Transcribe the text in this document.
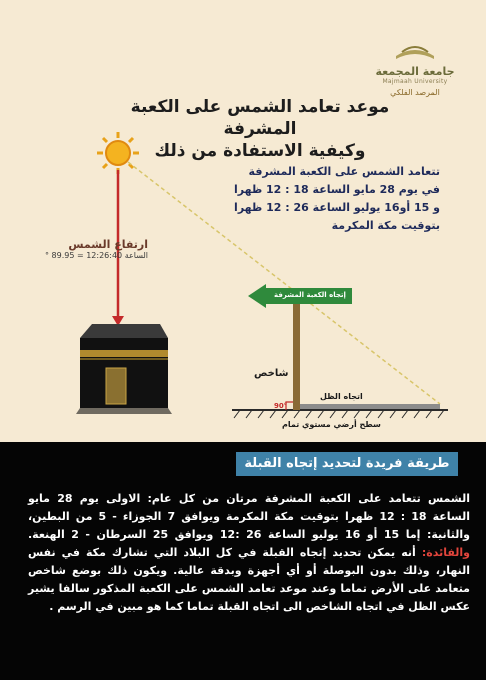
جامعة المجمعة
Majmaah University
المرصد الفلكي
موعد تعامد الشمس على الكعبة المشرفة
وكيفية الاستفادة من ذلك
تتعامد الشمس على الكعبة المشرفة
في يوم 28 مايو الساعة 18 : 12 ظهرا
و 15 أو16 يوليو الساعة 26 : 12 ظهرا
بتوقيت مكة المكرمة
ارتفاع الشمس
الساعة 12:26:40 = 89.95 °
إتجاه الكعبة المشرفة
شاخص
اتجاه الظل
سطح أرضي مستوي تمام
90°
طريقة فريدة لتحديد إتجاه القبلة
الشمس تتعامد على الكعبة المشرفة مرتان من كل عام: الاولى يوم 28 مايو الساعة 18 : 12 ظهرا بتوقيت مكة المكرمة ويوافق 7 الجوزاء - 5 من البطين، والثانية: إما 15 أو 16 يوليو الساعة 26 :12 ويوافق 25 السرطان - 2 الهنعة. والفائدة: أنه يمكن تحديد إتجاه القبلة في كل البلاد التي تشارك مكة في نفس النهار، وذلك بدون البوصلة أو أي أجهزة وبدقة عالية. ويكون ذلك بوضع شاخص متعامد على الأرض تماما وعند موعد تعامد الشمس على الكعبة المذكور سالفا يشير عكس الظل في اتجاه الشاخص الى اتجاه القبلة تماما كما هو مبين في الرسم .
